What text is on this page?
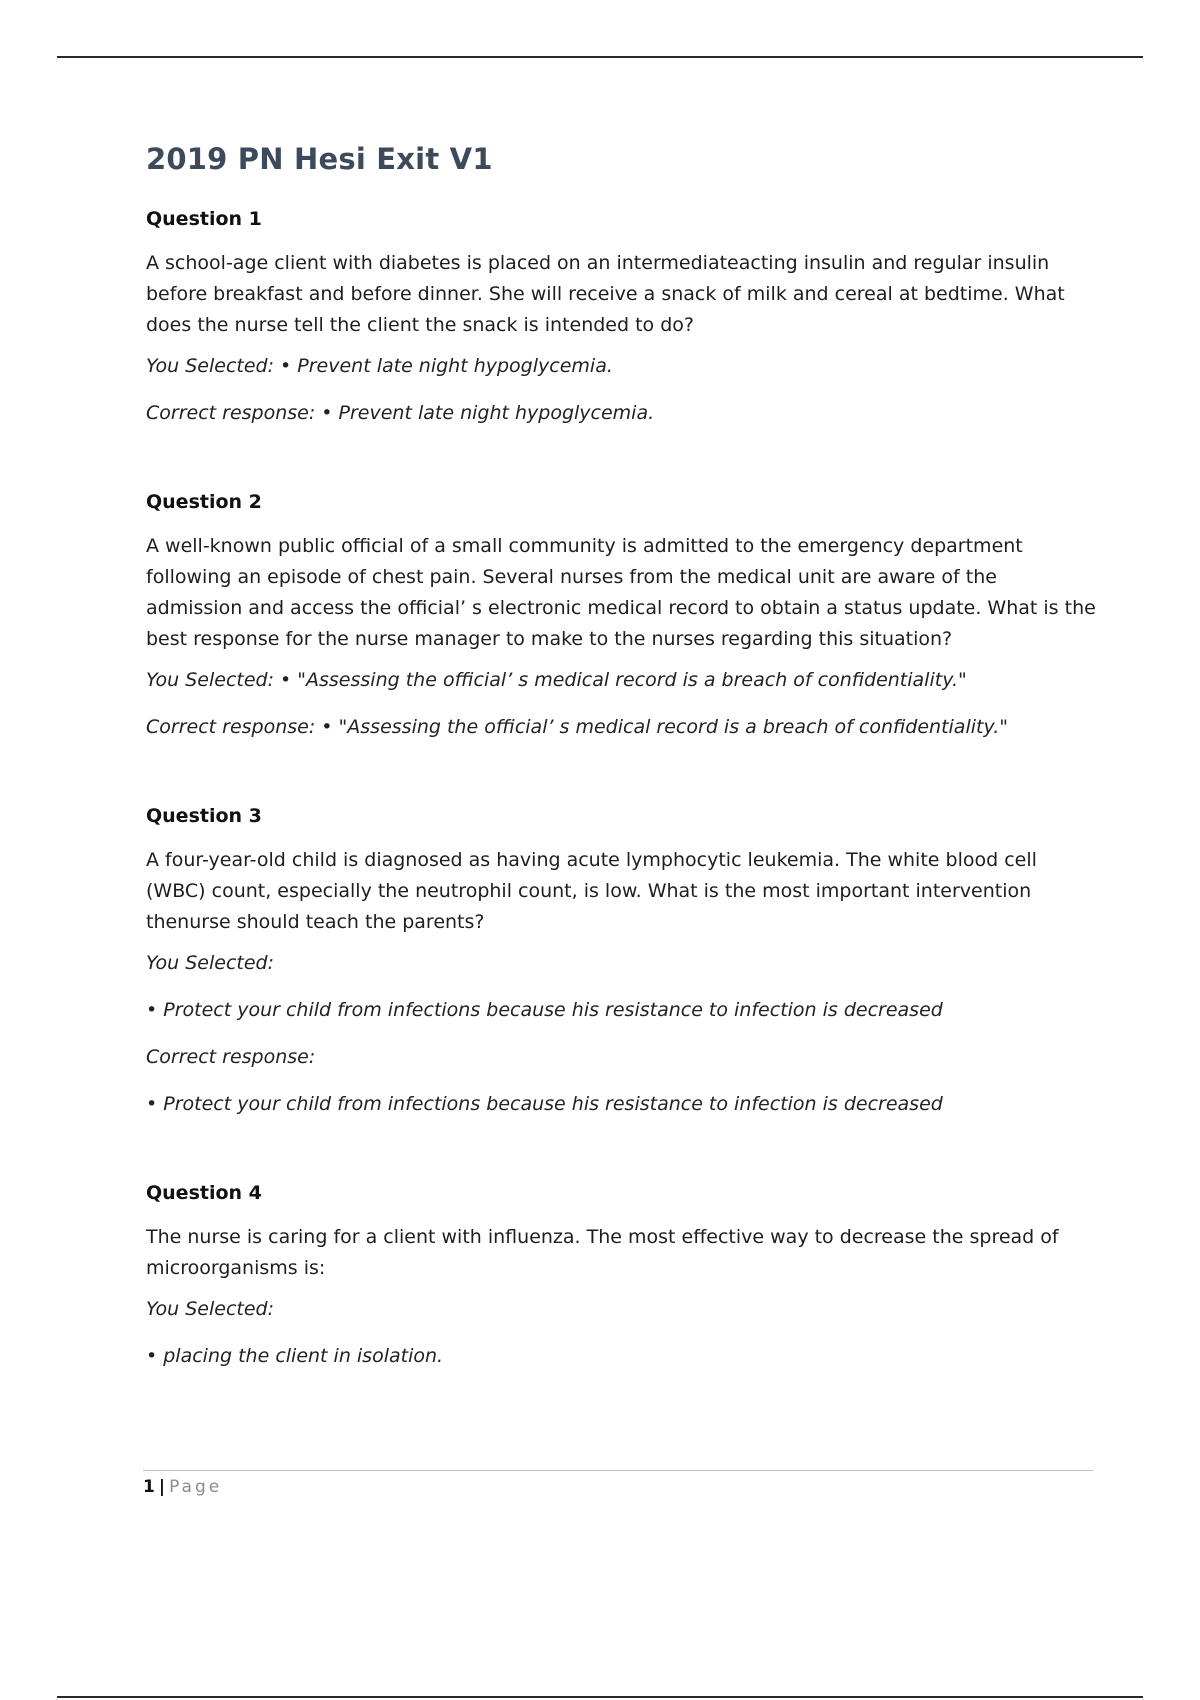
2019 PN Hesi Exit V1
Question 1

A school-age client with diabetes is placed on an intermediateacting insulin and regular insulin before breakfast and before dinner. She will receive a snack of milk and cereal at bedtime. What does the nurse tell the client the snack is intended to do?

You Selected: • Prevent late night hypoglycemia.

Correct response: • Prevent late night hypoglycemia.

Question 2

A well-known public official of a small community is admitted to the emergency department following an episode of chest pain. Several nurses from the medical unit are aware of the admission and access the official’ s electronic medical record to obtain a status update. What is the best response for the nurse manager to make to the nurses regarding this situation?

You Selected: • "Assessing the official’ s medical record is a breach of confidentiality."

Correct response: • "Assessing the official’ s medical record is a breach of confidentiality."

Question 3

A four-year-old child is diagnosed as having acute lymphocytic leukemia. The white blood cell (WBC) count, especially the neutrophil count, is low. What is the most important intervention thenurse should teach the parents?

You Selected:

• Protect your child from infections because his resistance to infection is decreased

Correct response:

• Protect your child from infections because his resistance to infection is decreased

Question 4

The nurse is caring for a client with influenza. The most effective way to decrease the spread of microorganisms is:

You Selected:

• placing the client in isolation.

1 | Page
